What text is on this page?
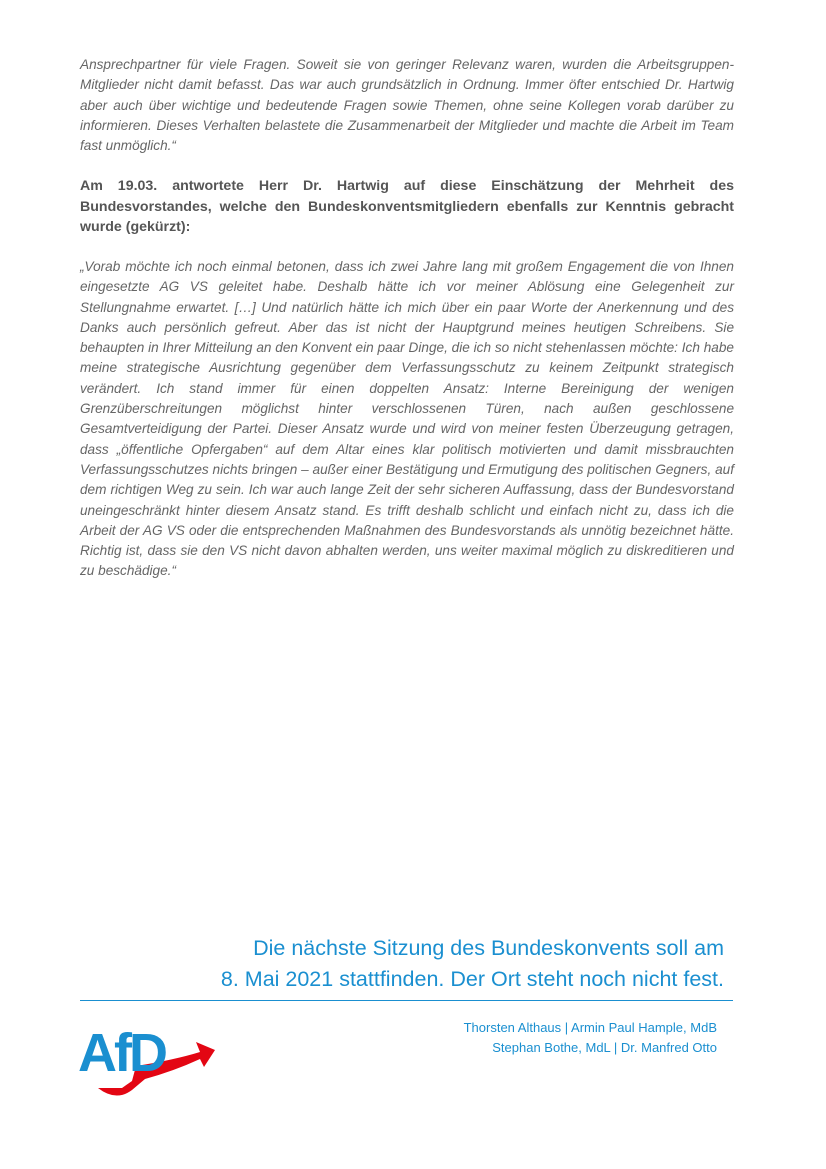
Ansprechpartner für viele Fragen. Soweit sie von geringer Relevanz waren, wurden die Arbeitsgruppen-Mitglieder nicht damit befasst. Das war auch grundsätzlich in Ordnung. Immer öfter entschied Dr. Hartwig aber auch über wichtige und bedeutende Fragen sowie Themen, ohne seine Kollegen vorab darüber zu informieren. Dieses Verhalten belastete die Zusammenarbeit der Mitglieder und machte die Arbeit im Team fast unmöglich.“

Am 19.03. antwortete Herr Dr. Hartwig auf diese Einschätzung der Mehrheit des Bundesvorstandes, welche den Bundeskonventsmitgliedern ebenfalls zur Kenntnis gebracht wurde (gekürzt):

„Vorab möchte ich noch einmal betonen, dass ich zwei Jahre lang mit großem Engagement die von Ihnen eingesetzte AG VS geleitet habe. Deshalb hätte ich vor meiner Ablösung eine Gelegenheit zur Stellungnahme erwartet. […] Und natürlich hätte ich mich über ein paar Worte der Anerkennung und des Danks auch persönlich gefreut. Aber das ist nicht der Hauptgrund meines heutigen Schreibens. Sie behaupten in Ihrer Mitteilung an den Konvent ein paar Dinge, die ich so nicht stehenlassen möchte: Ich habe meine strategische Ausrichtung gegenüber dem Verfassungsschutz zu keinem Zeitpunkt strategisch verändert. Ich stand immer für einen doppelten Ansatz: Interne Bereinigung der wenigen Grenzüberschreitungen möglichst hinter verschlossenen Türen, nach außen geschlossene Gesamtverteidigung der Partei. Dieser Ansatz wurde und wird von meiner festen Überzeugung getragen, dass „öffentliche Opfergaben“ auf dem Altar eines klar politisch motivierten und damit missbrauchten Verfassungsschutzes nichts bringen – außer einer Bestätigung und Ermutigung des politischen Gegners, auf dem richtigen Weg zu sein. Ich war auch lange Zeit der sehr sicheren Auffassung, dass der Bundesvorstand uneingeschränkt hinter diesem Ansatz stand. Es trifft deshalb schlicht und einfach nicht zu, dass ich die Arbeit der AG VS oder die entsprechenden Maßnahmen des Bundesvorstands als unnötig bezeichnet hätte. Richtig ist, dass sie den VS nicht davon abhalten werden, uns weiter maximal möglich zu diskreditieren und zu beschädige.“

Die nächste Sitzung des Bundeskonvents soll am
8. Mai 2021 stattfinden. Der Ort steht noch nicht fest.

AfD	Thorsten Althaus | Armin Paul Hample, MdB
Stephan Bothe, MdL | Dr. Manfred Otto
